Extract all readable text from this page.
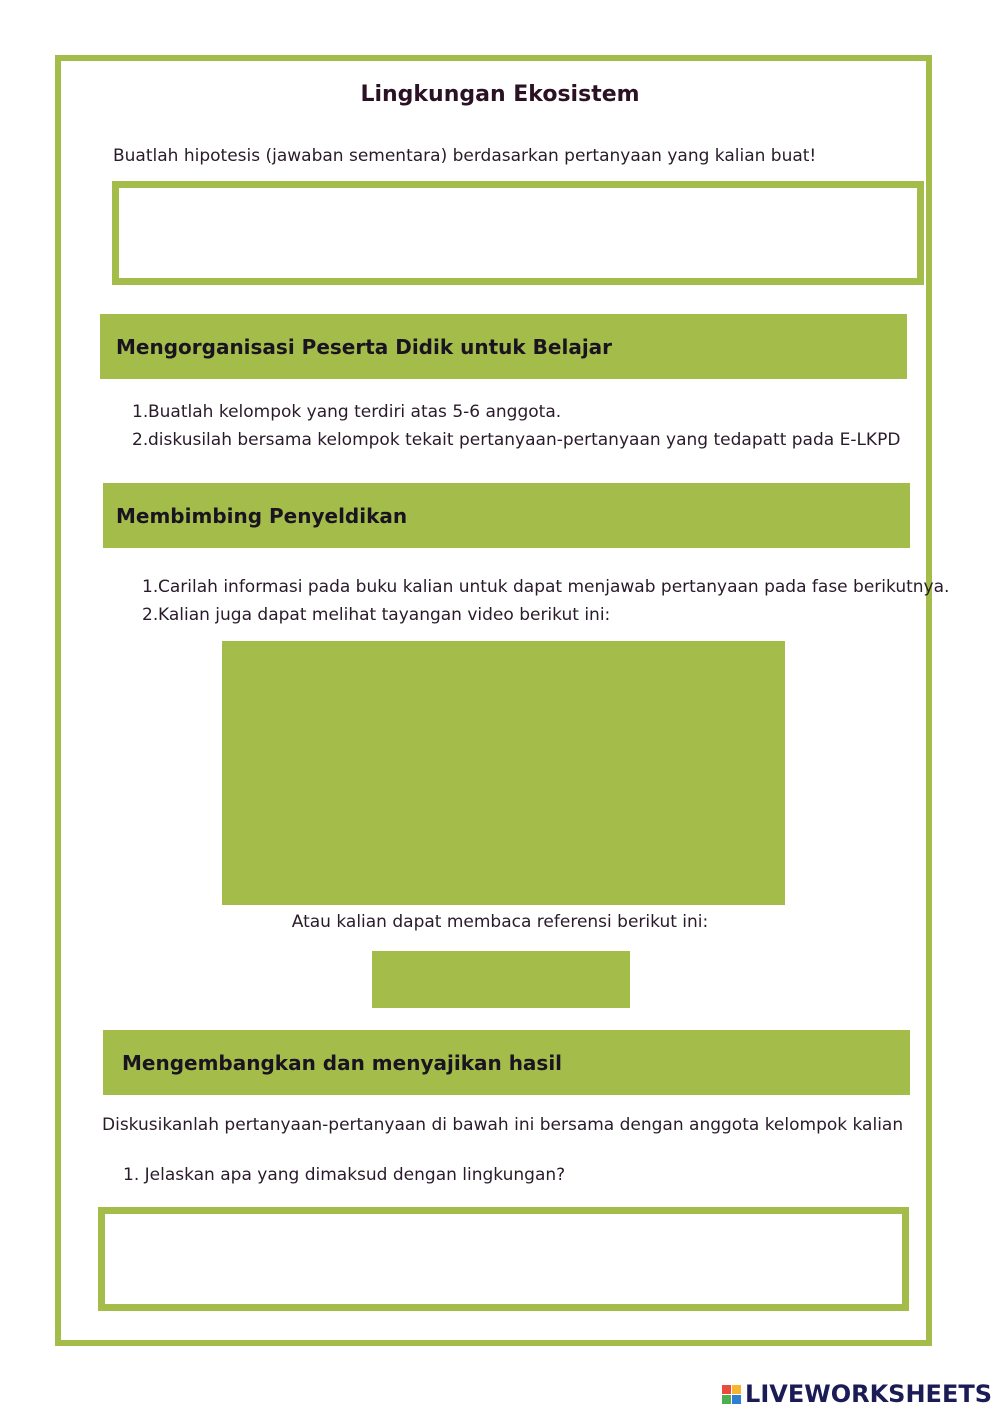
Lingkungan Ekosistem
Buatlah hipotesis (jawaban sementara) berdasarkan pertanyaan yang kalian buat!
Mengorganisasi Peserta Didik untuk Belajar
1.Buatlah kelompok yang terdiri atas 5-6 anggota.
2.diskusilah bersama kelompok tekait pertanyaan-pertanyaan yang tedapatt pada E-LKPD
Membimbing Penyeldikan
1.Carilah informasi pada buku kalian untuk dapat menjawab pertanyaan pada fase berikutnya.
2.Kalian juga dapat melihat tayangan video berikut ini:
Atau kalian dapat membaca referensi berikut ini:
Mengembangkan dan menyajikan hasil
Diskusikanlah pertanyaan-pertanyaan di bawah ini bersama dengan anggota kelompok kalian
1. Jelaskan apa yang dimaksud dengan lingkungan?
LIVEWORKSHEETS
